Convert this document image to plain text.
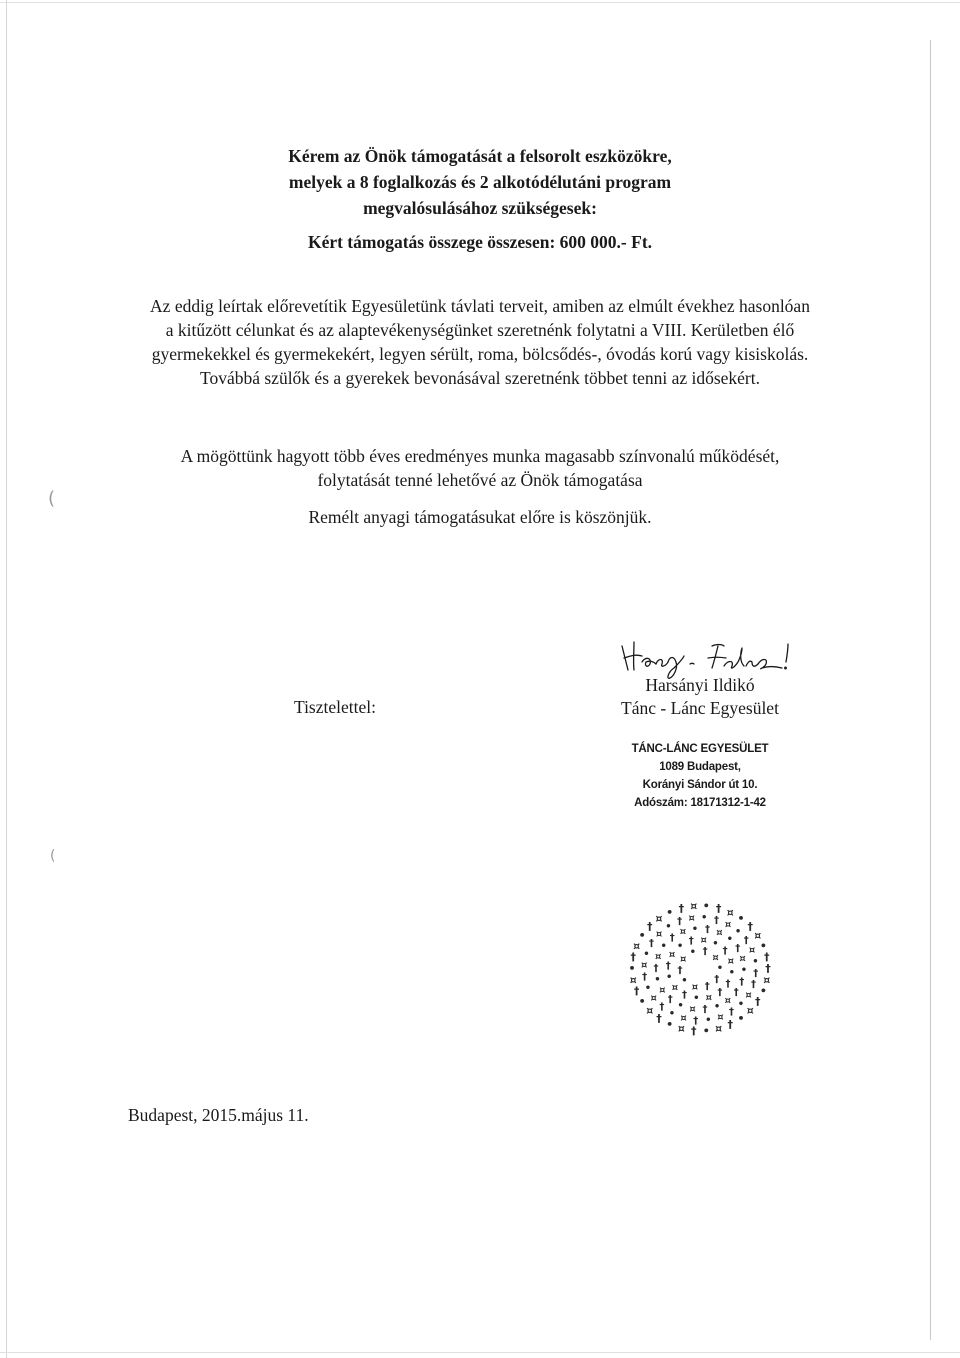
(
(
Kérem az Önök támogatását a felsorolt eszközökre,
melyek a 8 foglalkozás és 2 alkotódélutáni program
megvalósulásához szükségesek:
Kért támogatás összege összesen: 600 000.- Ft.
Az eddig leírtak előrevetítik Egyesületünk távlati terveit, amiben az elmúlt évekhez hasonlóan
a kitűzött célunkat és az alaptevékenységünket szeretnénk folytatni a VIII. Kerületben élő
gyermekekkel és gyermekekért, legyen sérült, roma, bölcsődés-, óvodás korú vagy kisiskolás.
Továbbá szülők és a gyerekek bevonásával szeretnénk többet tenni az idősekért.
A mögöttünk hagyott több éves eredményes munka magasabb színvonalú működését,
folytatását tenné lehetővé az Önök támogatása
Remélt anyagi támogatásukat előre is köszönjük.
Tisztelettel:
Harsányi Ildikó
Tánc - Lánc Egyesület
TÁNC-LÁNC EGYESÜLET
1089 Budapest,
Korányi Sándor út 10.
Adószám: 18171312-1-42
†
¤
•
†
¤
•
†
¤
•
†
¤
•
†
¤
•
†
¤
•
†
¤
•
†
¤ • † ¤ • † ¤ •
†
¤
•
†
†
¤
•
†
¤
•
†
¤
•
†
¤
•
†
¤
•
†
¤
• † ¤ • † ¤
•
†
¤
•
†
†
¤
•
†
¤
•
†
¤
•
†
¤
•
†
¤ • † ¤
•
†
¤
•
†
†
¤
•
†
¤
•
†
¤
• † ¤ •
†
¤
•
†
†
¤
•
†
¤
• †
¤
•
†
Budapest, 2015.május 11.
